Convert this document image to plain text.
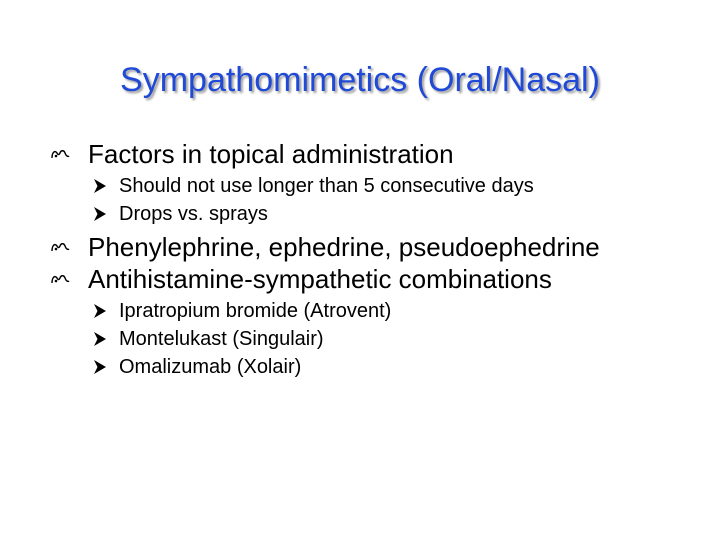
Sympathomimetics (Oral/Nasal)
Factors in topical administration
Should not use longer than 5 consecutive days
Drops vs. sprays
Phenylephrine, ephedrine, pseudoephedrine
Antihistamine-sympathetic combinations
Ipratropium bromide (Atrovent)
Montelukast (Singulair)
Omalizumab (Xolair)
